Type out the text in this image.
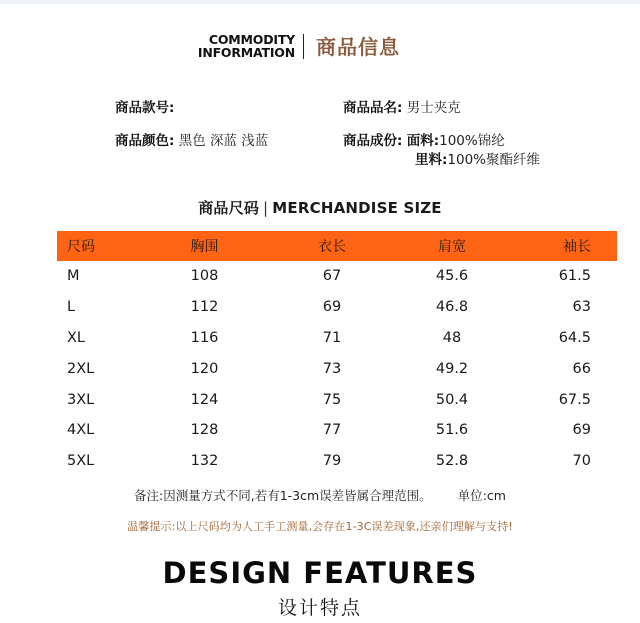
COMMODITY
INFORMATION 商品信息
商品款号:	商品品名: 男士夹克
商品颜色: 黑色 深蓝 浅蓝	商品成份: 面料:100%锦纶
里料:100%聚酯纤维
商品尺码 | MERCHANDISE SIZE
尺码	胸围	衣长	肩宽	袖长
M	108	67	45.6	61.5
L	112	69	46.8	63
XL	116	71	48	64.5
2XL	120	73	49.2	66
3XL	124	75	50.4	67.5
4XL	128	77	51.6	69
5XL	132	79	52.8	70
备注:因测量方式不同,若有1-3cm误差皆属合理范围。 单位:cm
温馨提示:以上尺码均为人工手工测量,会存在1-3C误差现象,还亲们理解与支持!
DESIGN FEATURES
设计特点
